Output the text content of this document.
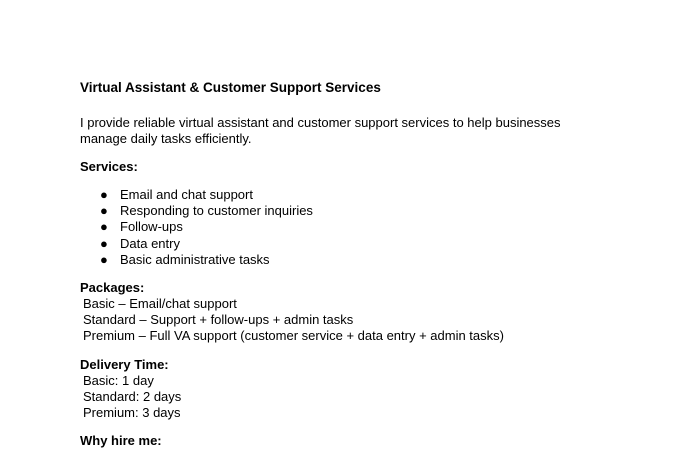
Virtual Assistant & Customer Support Services
I provide reliable virtual assistant and customer support services to help businesses manage daily tasks efficiently.
Services:
● Email and chat support
● Responding to customer inquiries
● Follow-ups
● Data entry
● Basic administrative tasks
Packages:
Basic – Email/chat support
Standard – Support + follow-ups + admin tasks
Premium – Full VA support (customer service + data entry + admin tasks)
Delivery Time:
Basic: 1 day
Standard: 2 days
Premium: 3 days
Why hire me:
